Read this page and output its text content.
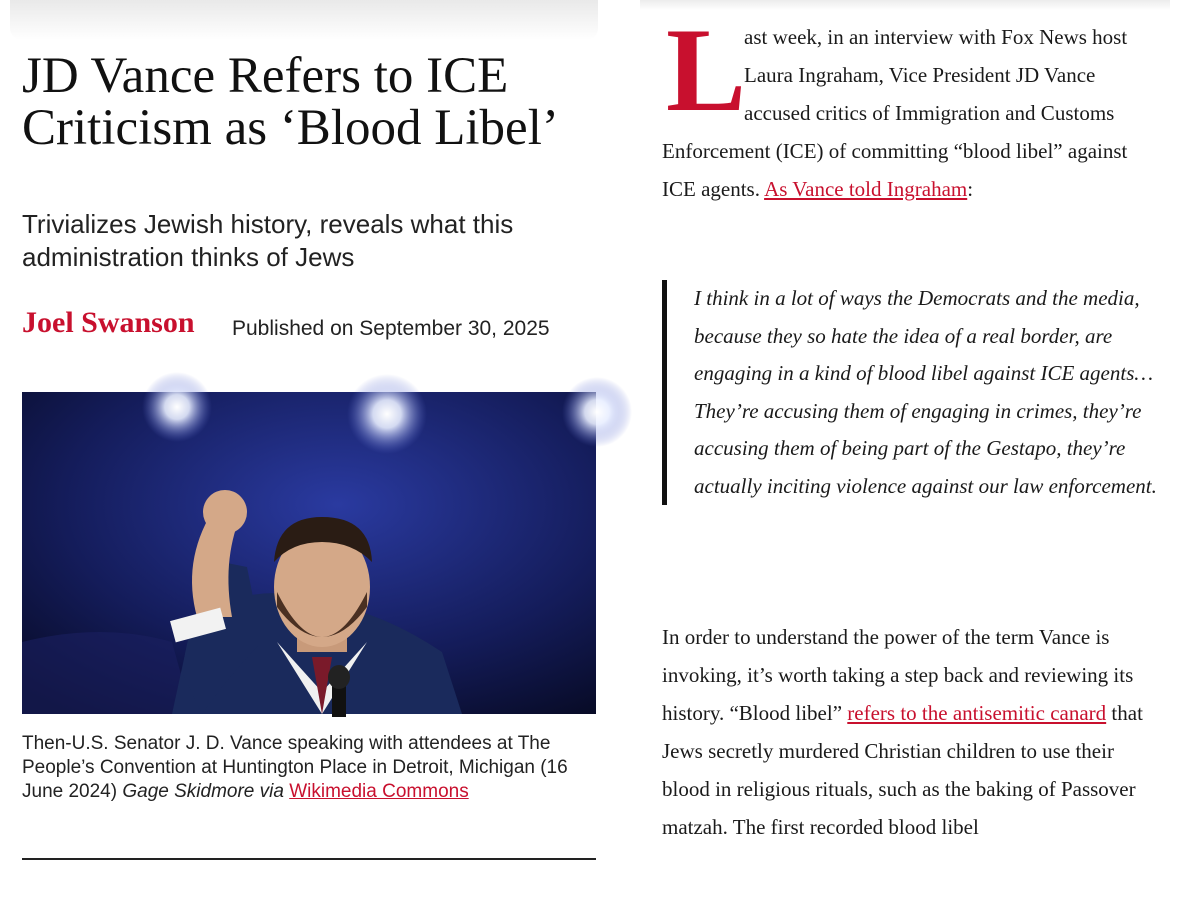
JD Vance Refers to ICE Criticism as ‘Blood Libel’

Trivializes Jewish history, reveals what this administration thinks of Jews

Joel Swanson Published on September 30, 2025

Then-U.S. Senator J. D. Vance speaking with attendees at The People’s Convention at Huntington Place in Detroit, Michigan (16 June 2024) Gage Skidmore via Wikimedia Commons

L

ast week, in an interview with Fox News host Laura Ingraham, Vice President JD Vance accused critics of Immigration and Customs Enforcement (ICE) of committing “blood libel” against ICE agents. As Vance told Ingraham:

I think in a lot of ways the Democrats and the media, because they so hate the idea of a real border, are engaging in a kind of blood libel against ICE agents… They’re accusing them of engaging in crimes, they’re accusing them of being part of the Gestapo, they’re actually inciting violence against our law enforcement.

In order to understand the power of the term Vance is invoking, it’s worth taking a step back and reviewing its history. “Blood libel” refers to the antisemitic canard that Jews secretly murdered Christian children to use their blood in religious rituals, such as the baking of Passover matzah. The first recorded blood libel
